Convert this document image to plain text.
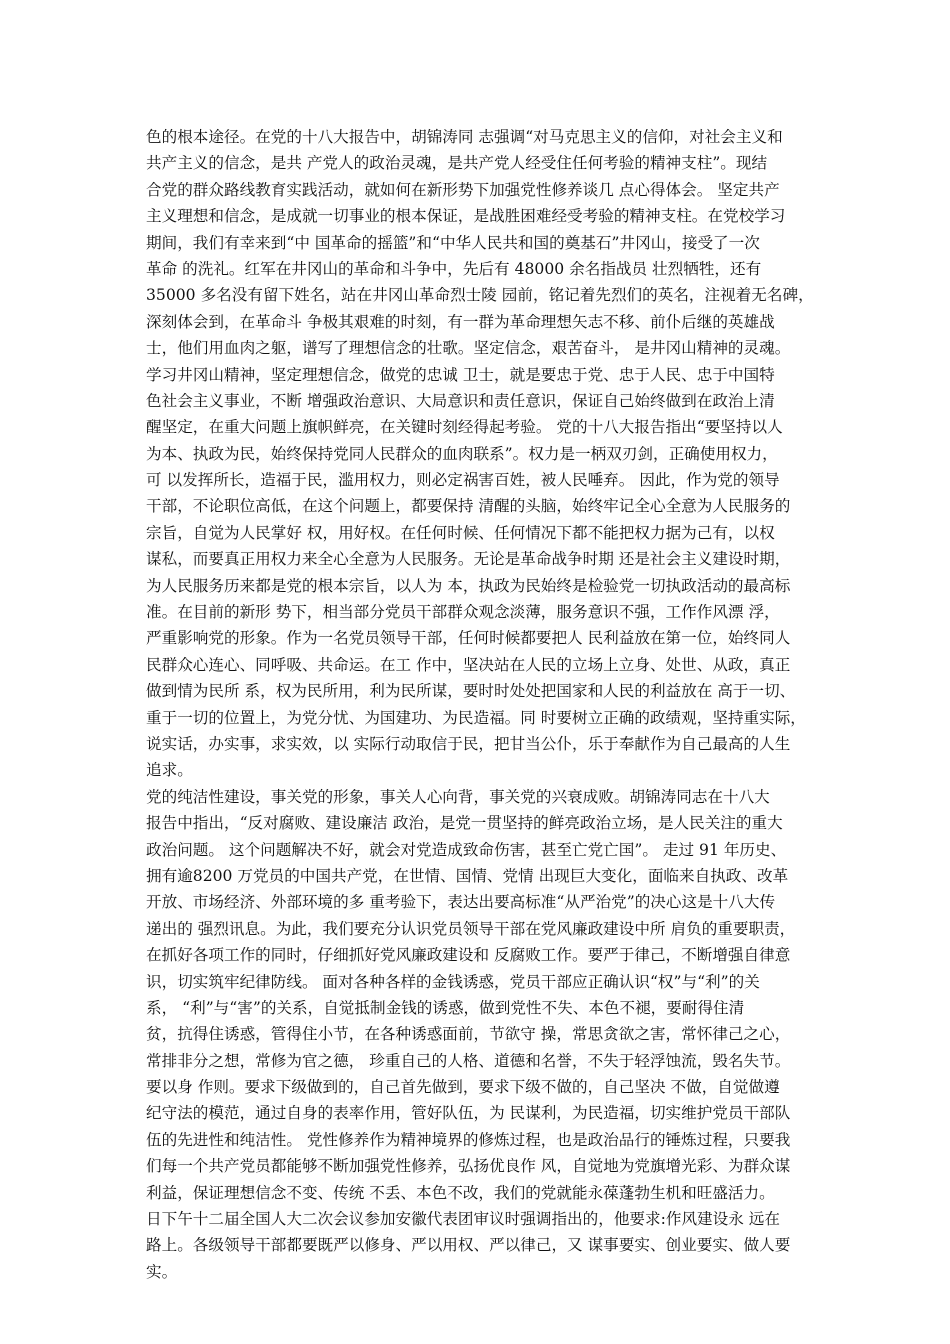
色的根本途径。在党的十八大报告中，胡锦涛同 志强调“对马克思主义的信仰，对社会主义和
共产主义的信念，是共 产党人的政治灵魂，是共产党人经受住任何考验的精神支柱”。现结
合党的群众路线教育实践活动，就如何在新形势下加强党性修养谈几 点心得体会。 坚定共产
主义理想和信念，是成就一切事业的根本保证，是战胜困难经受考验的精神支柱。在党校学习
期间，我们有幸来到“中 国革命的摇篮”和“中华人民共和国的奠基石”井冈山，接受了一次
革命 的洗礼。红军在井冈山的革命和斗争中，先后有 48000 余名指战员 壮烈牺牲，还有
35000 多名没有留下姓名，站在井冈山革命烈士陵 园前，铭记着先烈们的英名，注视着无名碑，
深刻体会到，在革命斗 争极其艰难的时刻，有一群为革命理想矢志不移、前仆后继的英雄战
士，他们用血肉之躯，谱写了理想信念的壮歌。坚定信念，艰苦奋斗， 是井冈山精神的灵魂。
学习井冈山精神，坚定理想信念，做党的忠诚 卫士，就是要忠于党、忠于人民、忠于中国特
色社会主义事业，不断 增强政治意识、大局意识和责任意识，保证自己始终做到在政治上清
醒坚定，在重大问题上旗帜鲜亮，在关键时刻经得起考验。 党的十八大报告指出“要坚持以人
为本、执政为民，始终保持党同人民群众的血肉联系”。权力是一柄双刃剑，正确使用权力，
可 以发挥所长，造福于民，滥用权力，则必定祸害百姓，被人民唾弃。 因此，作为党的领导
干部，不论职位高低，在这个问题上，都要保持 清醒的头脑，始终牢记全心全意为人民服务的
宗旨，自觉为人民掌好 权，用好权。在任何时候、任何情况下都不能把权力据为己有，以权
谋私，而要真正用权力来全心全意为人民服务。无论是革命战争时期 还是社会主义建设时期，
为人民服务历来都是党的根本宗旨，以人为 本，执政为民始终是检验党一切执政活动的最高标
准。在目前的新形 势下，相当部分党员干部群众观念淡薄，服务意识不强，工作作风漂 浮，
严重影响党的形象。作为一名党员领导干部，任何时候都要把人 民利益放在第一位，始终同人
民群众心连心、同呼吸、共命运。在工 作中，坚决站在人民的立场上立身、处世、从政，真正
做到情为民所 系，权为民所用，利为民所谋，要时时处处把国家和人民的利益放在 高于一切、
重于一切的位置上，为党分忧、为国建功、为民造福。同 时要树立正确的政绩观，坚持重实际，
说实话，办实事，求实效，以 实际行动取信于民，把甘当公仆，乐于奉献作为自己最高的人生
追求。
党的纯洁性建设，事关党的形象，事关人心向背，事关党的兴衰成败。胡锦涛同志在十八大
报告中指出，“反对腐败、建设廉洁 政治，是党一贯坚持的鲜亮政治立场，是人民关注的重大
政治问题。 这个问题解决不好，就会对党造成致命伤害，甚至亡党亡国”。 走过 91 年历史、
拥有逾8200 万党员的中国共产党，在世情、国情、党情 出现巨大变化，面临来自执政、改革
开放、市场经济、外部环境的多 重考验下，表达出要高标准“从严治党”的决心这是十八大传
递出的 强烈讯息。为此，我们要充分认识党员领导干部在党风廉政建设中所 肩负的重要职责，
在抓好各项工作的同时，仔细抓好党风廉政建设和 反腐败工作。要严于律己，不断增强自律意
识，切实筑牢纪律防线。 面对各种各样的金钱诱惑，党员干部应正确认识“权”与“利”的关
系， “利”与“害”的关系，自觉抵制金钱的诱惑，做到党性不失、本色不褪，要耐得住清
贫，抗得住诱惑，管得住小节，在各种诱惑面前，节欲守 操，常思贪欲之害，常怀律己之心，
常排非分之想，常修为官之德， 珍重自己的人格、道德和名誉，不失于轻浮蚀流，毁名失节。
要以身 作则。要求下级做到的，自己首先做到，要求下级不做的，自己坚决 不做，自觉做遵
纪守法的模范，通过自身的表率作用，管好队伍，为 民谋利，为民造福，切实维护党员干部队
伍的先进性和纯洁性。 党性修养作为精神境界的修炼过程，也是政治品行的锤炼过程，只要我
们每一个共产党员都能够不断加强党性修养，弘扬优良作 风，自觉地为党旗增光彩、为群众谋
利益，保证理想信念不变、传统 不丢、本色不改，我们的党就能永葆蓬勃生机和旺盛活力。
日下午十二届全国人大二次会议参加安徽代表团审议时强调指出的，他要求:作风建设永 远在
路上。各级领导干部都要既严以修身、严以用权、严以律己，又 谋事要实、创业要实、做人要
实。
